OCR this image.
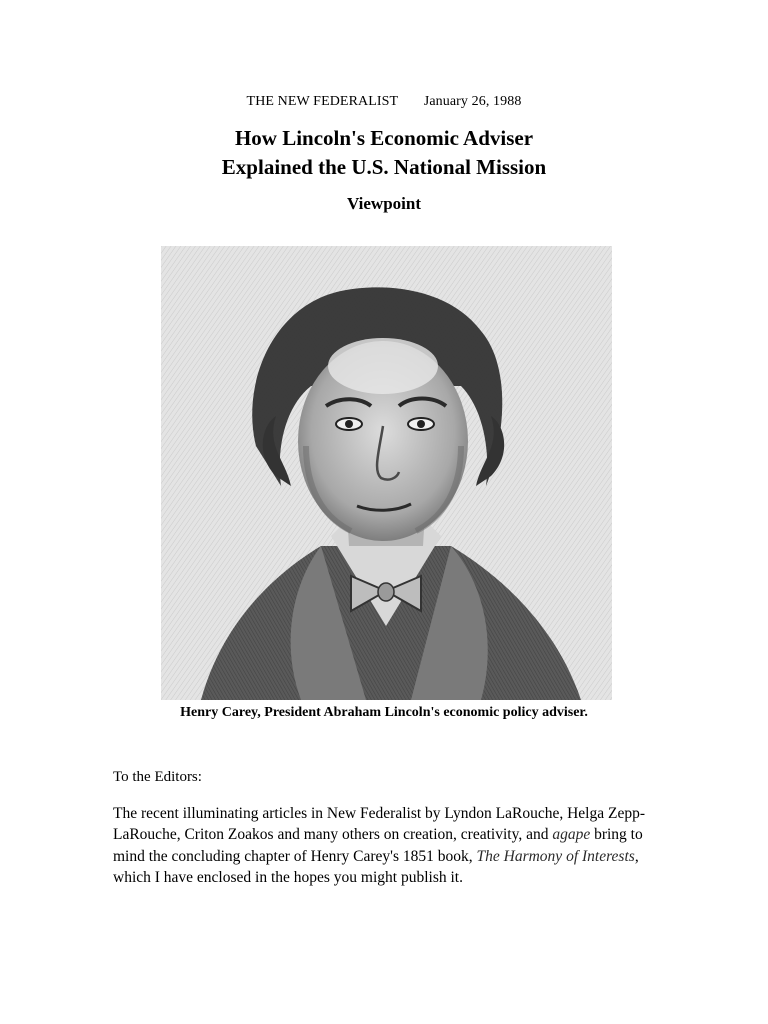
THE NEW FEDERALIST January 26, 1988
How Lincoln's Economic Adviser
Explained the U.S. National Mission
Viewpoint
Henry Carey, President Abraham Lincoln's economic policy adviser.
To the Editors:
The recent illuminating articles in New Federalist by Lyndon LaRouche, Helga Zepp-LaRouche, Criton Zoakos and many others on creation, creativity, and agape bring to mind the concluding chapter of Henry Carey's 1851 book, The Harmony of Interests, which I have enclosed in the hopes you might publish it.
